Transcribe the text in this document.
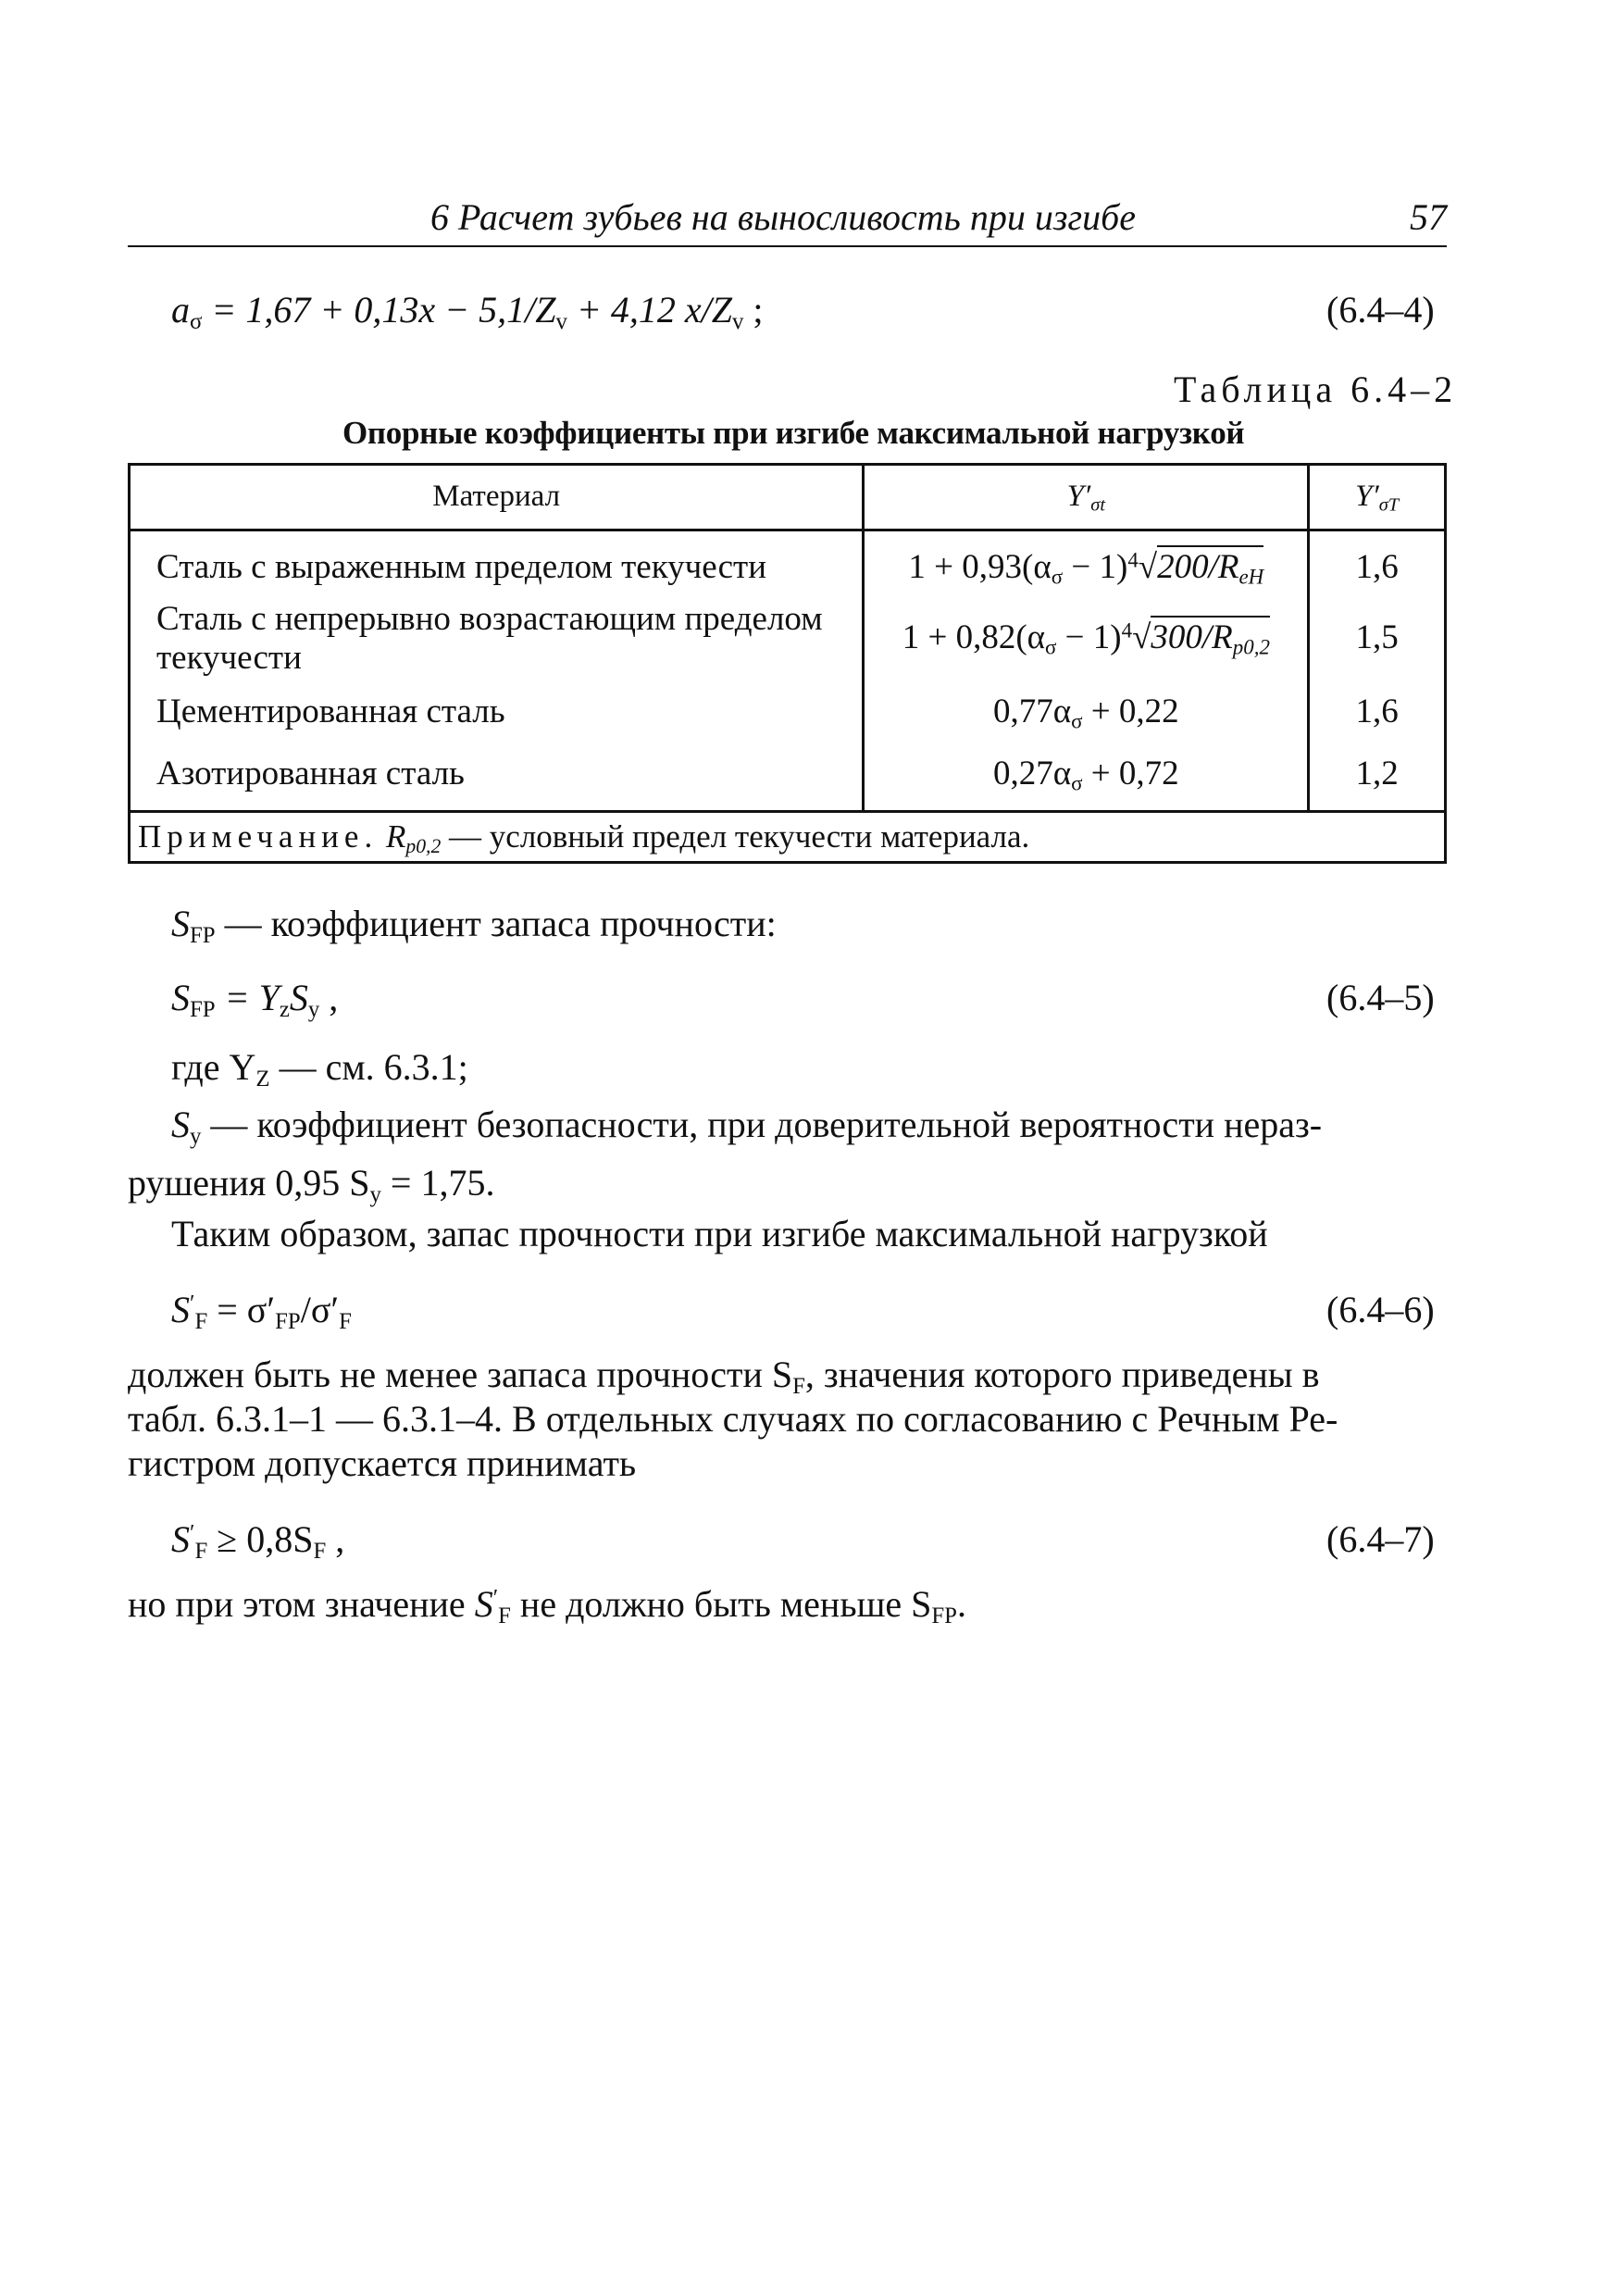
6 Расчет зубьев на выносливость при изгибе	57
$a_\sigma = 1,67 + 0,13x - 5,1/Z_v + 4,12$ $x/Z_v$ ;	(6.4–4)
Таблица 6.4–2
Опорные коэффициенты при изгибе максимальной нагрузкой
Материал	$Y'_{\sigma t}$	$Y'_{\sigma T}$
Сталь с выраженным пределом текучести	$1 + 0,93(\alpha_\sigma - 1)^4√200/R_{eH}$	1,6
Сталь с непрерывно возрастающим пределом текучести	$1 + 0,82(\alpha_\sigma - 1)^4√300/R_{p0,2}$	1,5
Цементированная сталь	$0,77\alpha_\sigma + 0,22$	1,6
Азотированная сталь	$0,27\alpha_\sigma + 0,72$	1,2
Примечание. $R_{p0,2}$ — условный предел текучести материала.		
$S_{FP}$ — коэффициент запаса прочности:
$S_{FP} = Y_zS_y$ ,	(6.4–5)
где $Y_Z$ — см. 6.3.1;
$S_y$ — коэффициент безопасности, при доверительной вероятности нераз-
рушения 0,95 $S_y = 1,75$.
Таким образом, запас прочности при изгибе максимальной нагрузкой
$S'_F = \sigma'_{FP}/\sigma'_F$	(6.4–6)
должен быть не менее запаса прочности $S_F$, значения которого приведены в
табл. 6.3.1–1 — 6.3.1–4. В отдельных случаях по согласованию с Речным Ре-
гистром допускается принимать
$S'_F \ge 0,8S_F$ ,	(6.4–7)
но при этом значение $S'_F$ не должно быть меньше $S_{FP}$.
